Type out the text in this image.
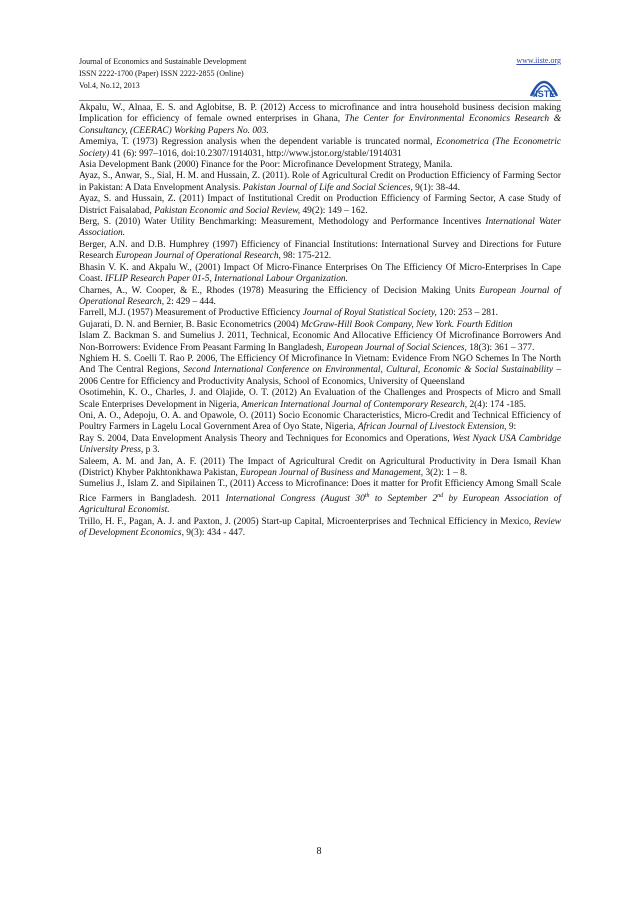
Journal of Economics and Sustainable Development
ISSN 2222-1700 (Paper) ISSN 2222-2855 (Online)
Vol.4, No.12, 2013
www.iiste.org
IISTE

Akpalu, W., Alnaa, E. S. and Aglobitse, B. P. (2012) Access to microfinance and intra household business decision making Implication for efficiency of female owned enterprises in Ghana, The Center for Environmental Economics Research & Consultancy, (CEERAC) Working Papers No. 003.

Amemiya, T. (1973) Regression analysis when the dependent variable is truncated normal, Econometrica (The Econometric Society) 41 (6): 997–1016, doi:10.2307/1914031, http://www.jstor.org/stable/1914031

Asia Development Bank (2000) Finance for the Poor: Microfinance Development Strategy, Manila.

Ayaz, S., Anwar, S., Sial, H. M. and Hussain, Z. (2011). Role of Agricultural Credit on Production Efficiency of Farming Sector in Pakistan: A Data Envelopment Analysis. Pakistan Journal of Life and Social Sciences, 9(1): 38-44.

Ayaz, S. and Hussain, Z. (2011) Impact of Institutional Credit on Production Efficiency of Farming Sector, A case Study of District Faisalabad, Pakistan Economic and Social Review, 49(2): 149 – 162.

Berg, S. (2010) Water Utility Benchmarking: Measurement, Methodology and Performance Incentives International Water Association.

Berger, A.N. and D.B. Humphrey (1997) Efficiency of Financial Institutions: International Survey and Directions for Future Research European Journal of Operational Research, 98: 175-212.

Bhasin V. K. and Akpalu W., (2001) Impact Of Micro-Finance Enterprises On The Efficiency Of Micro-Enterprises In Cape Coast. IFLIP Research Paper 01-5, International Labour Organization.

Charnes, A., W. Cooper, & E., Rhodes (1978) Measuring the Efficiency of Decision Making Units European Journal of Operational Research, 2: 429 – 444.

Farrell, M.J. (1957) Measurement of Productive Efficiency Journal of Royal Statistical Society, 120: 253 – 281.

Gujarati, D. N. and Bernier, B. Basic Econometrics (2004) McGraw-Hill Book Company, New York. Fourth Edition

Islam Z. Backman S. and Sumelius J. 2011, Technical, Economic And Allocative Efficiency Of Microfinance Borrowers And Non-Borrowers: Evidence From Peasant Farming In Bangladesh, European Journal of Social Sciences, 18(3): 361 – 377.

Nghiem H. S. Coelli T. Rao P. 2006, The Efficiency Of Microfinance In Vietnam: Evidence From NGO Schemes In The North And The Central Regions, Second International Conference on Environmental, Cultural, Economic & Social Sustainability – 2006 Centre for Efficiency and Productivity Analysis, School of Economics, University of Queensland

Osotimehin, K. O., Charles, J. and Olajide, O. T. (2012) An Evaluation of the Challenges and Prospects of Micro and Small Scale Enterprises Development in Nigeria, American International Journal of Contemporary Research, 2(4): 174 -185.

Oni, A. O., Adepoju, O. A. and Opawole, O. (2011) Socio Economic Characteristics, Micro-Credit and Technical Efficiency of Poultry Farmers in Lagelu Local Government Area of Oyo State, Nigeria, African Journal of Livestock Extension, 9:

Ray S. 2004, Data Envelopment Analysis Theory and Techniques for Economics and Operations, West Nyack USA Cambridge University Press, p 3.

Saleem, A. M. and Jan, A. F. (2011) The Impact of Agricultural Credit on Agricultural Productivity in Dera Ismail Khan (District) Khyber Pakhtonkhawa Pakistan, European Journal of Business and Management, 3(2): 1 – 8.

Sumelius J., Islam Z. and Sipilainen T., (2011) Access to Microfinance: Does it matter for Profit Efficiency Among Small Scale Rice Farmers in Bangladesh. 2011 International Congress (August 30th to September 2nd by European Association of Agricultural Economist.

Trillo, H. F., Pagan, A. J. and Paxton, J. (2005) Start-up Capital, Microenterprises and Technical Efficiency in Mexico, Review of Development Economics, 9(3): 434 - 447.

8
